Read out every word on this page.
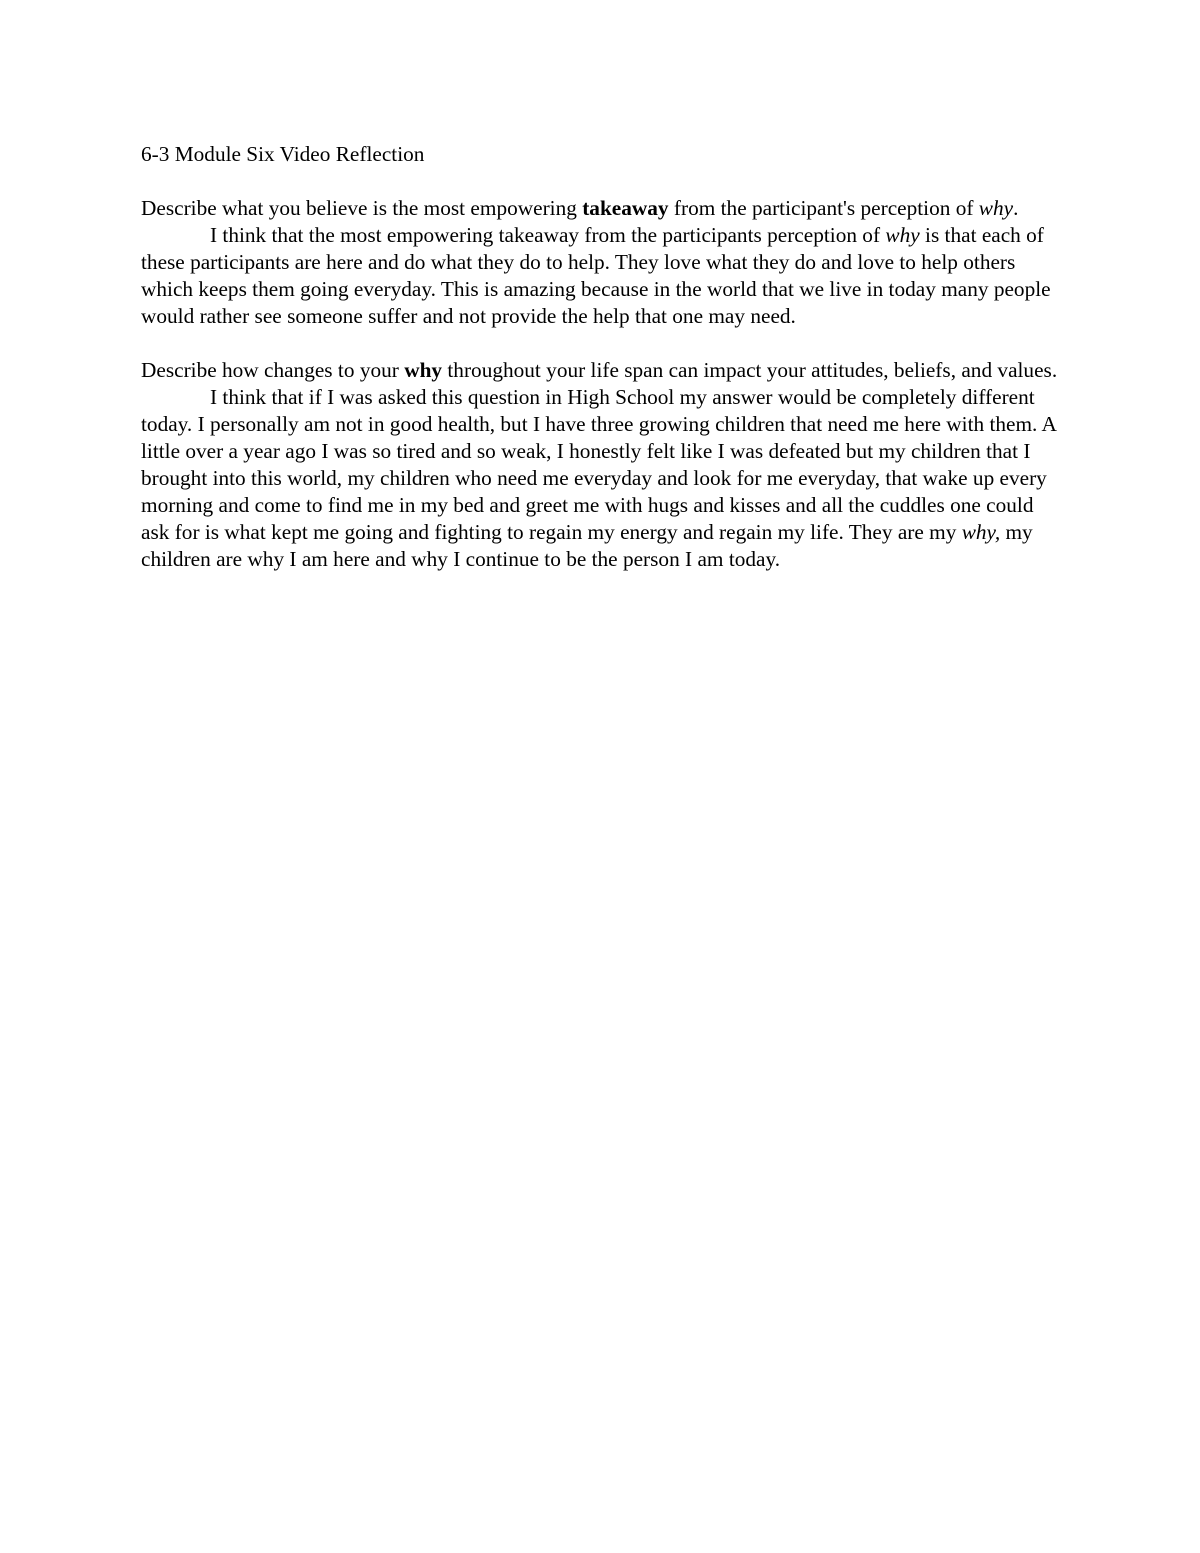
6-3 Module Six Video Reflection

Describe what you believe is the most empowering takeaway from the participant's perception of why.

I think that the most empowering takeaway from the participants perception of why is that each of these participants are here and do what they do to help. They love what they do and love to help others which keeps them going everyday. This is amazing because in the world that we live in today many people would rather see someone suffer and not provide the help that one may need.

Describe how changes to your why throughout your life span can impact your attitudes, beliefs, and values.

I think that if I was asked this question in High School my answer would be completely different today. I personally am not in good health, but I have three growing children that need me here with them. A little over a year ago I was so tired and so weak, I honestly felt like I was defeated but my children that I brought into this world, my children who need me everyday and look for me everyday, that wake up every morning and come to find me in my bed and greet me with hugs and kisses and all the cuddles one could ask for is what kept me going and fighting to regain my energy and regain my life. They are my why, my children are why I am here and why I continue to be the person I am today.
